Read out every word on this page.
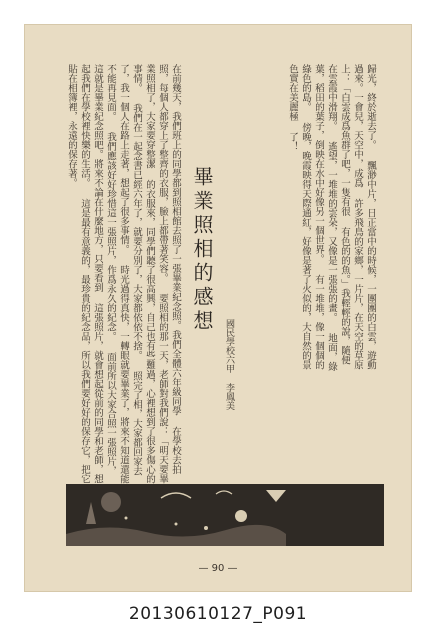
歸光，終於逝去了。 飄渺中片，日正當中的時候，一團團的白雲，遊動過來。一會兒，天空中，成爲 許多飛鳥的家鄉，一片片，在天空的草原上：「白雲成爲魚群了吧，一隻有很 有色的的魚。」我輕輕的說，隨便在雲霞中滑翔。 遙望，一堆堆的雲朵，又像是一張張的畫。 地面，綠葉，稻田的葉子，倒映在水中好像另一個世界。 有一堆堆，像一個個的綠色的島。 傍晚，晚霞映得天際通紅，好像是著了火似的，大自然的景色實在美麗極 了！
畢業照相的感想
國民學校六甲 李鳳美
在前幾天，我們班上的同學都到照相館去照了一張畢業紀念照。我們全體六年級同學 在學校去拍照，每個人都穿上了整齊的衣服，臉上都帶著笑容。 要照相的那一天，老師對我們說：「明天要畢業照相了，大家要穿整潔 的衣服來，同學們聽了很高興，自己也有些難過，心裡想到了很多傷心的事情。 我們在一起念書已經六年了，就要分別了，大家都依依不捨。 照完了相，大家都回家去了，我一個人在路上走著，想起了很多事情。 時光過得真快，一轉眼就要畢業了，將來不知道還能不能再見面。 我們應該好好珍惜這一張照片，作爲永久的紀念。 面前所以大家合照一張照片，這就是畢業紀念照吧。將來不論在什麼地方，只要看到 這張照片，就會想起從前的同學和老師，想起我們在學校裡快樂的生活。 這是最有意義的，最珍貴的紀念品，所以我們要好好的保存它，把它 貼在相簿裡，永遠的保存著。
小天地
— 90 —
20130610127_P091
